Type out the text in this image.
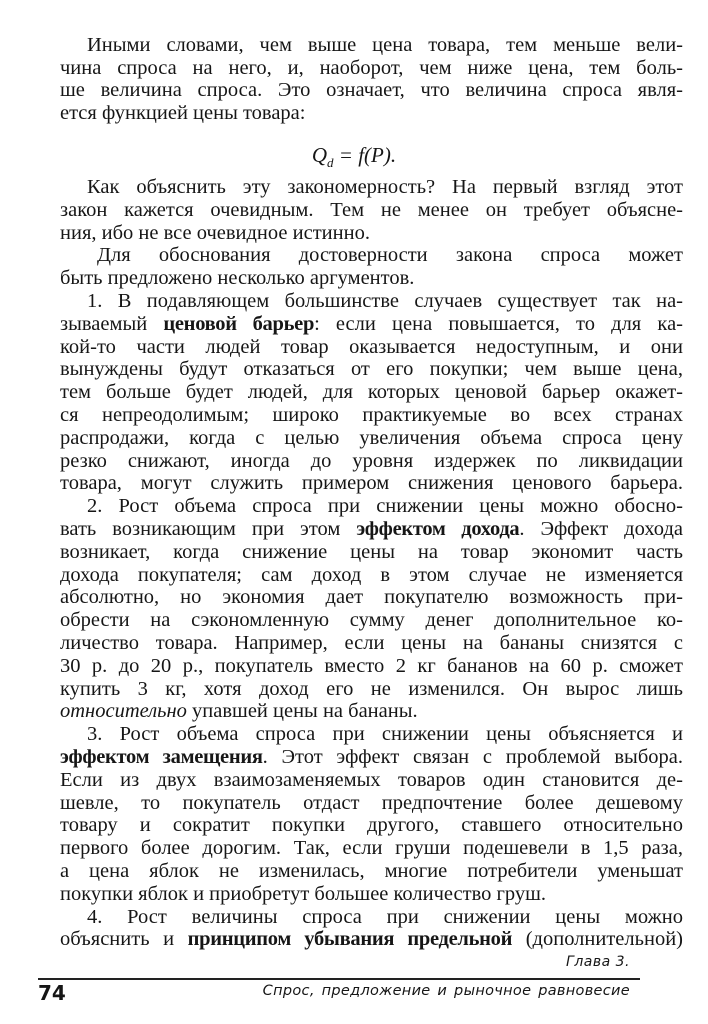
Иными словами, чем выше цена товара, тем меньше вели-
чина спроса на него, и, наоборот, чем ниже цена, тем боль-
ше величина спроса. Это означает, что величина спроса явля-
ется функцией цены товара:
Как объяснить эту закономерность? На первый взгляд этот
закон кажется очевидным. Тем не менее он требует объясне-
ния, ибо не все очевидное истинно.
Для обоснования достоверности закона спроса может
быть предложено несколько аргументов.
1. В подавляющем большинстве случаев существует так на-
зываемый ценовой барьер: если цена повышается, то для ка-
кой-то части людей товар оказывается недоступным, и они
вынуждены будут отказаться от его покупки; чем выше цена,
тем больше будет людей, для которых ценовой барьер окажет-
ся непреодолимым; широко практикуемые во всех странах
распродажи, когда с целью увеличения объема спроса цену
резко снижают, иногда до уровня издержек по ликвидации
товара, могут служить примером снижения ценового барьера.
2. Рост объема спроса при снижении цены можно обосно-
вать возникающим при этом эффектом дохода. Эффект дохода
возникает, когда снижение цены на товар экономит часть
дохода покупателя; сам доход в этом случае не изменяется
абсолютно, но экономия дает покупателю возможность при-
обрести на сэкономленную сумму денег дополнительное ко-
личество товара. Например, если цены на бананы снизятся с
30 р. до 20 р., покупатель вместо 2 кг бананов на 60 р. сможет
купить 3 кг, хотя доход его не изменился. Он вырос лишь
относительно упавшей цены на бананы.
3. Рост объема спроса при снижении цены объясняется и
эффектом замещения. Этот эффект связан с проблемой выбора.
Если из двух взаимозаменяемых товаров один становится де-
шевле, то покупатель отдаст предпочтение более дешевому
товару и сократит покупки другого, ставшего относительно
первого более дорогим. Так, если груши подешевели в 1,5 раза,
а цена яблок не изменилась, многие потребители уменьшат
покупки яблок и приобретут большее количество груш.
4. Рост величины спроса при снижении цены можно
объяснить и принципом убывания предельной (дополнительной)
$Q_d = f(P)$.
Глава 3.
74	Спрос, предложение и рыночное равновесие
